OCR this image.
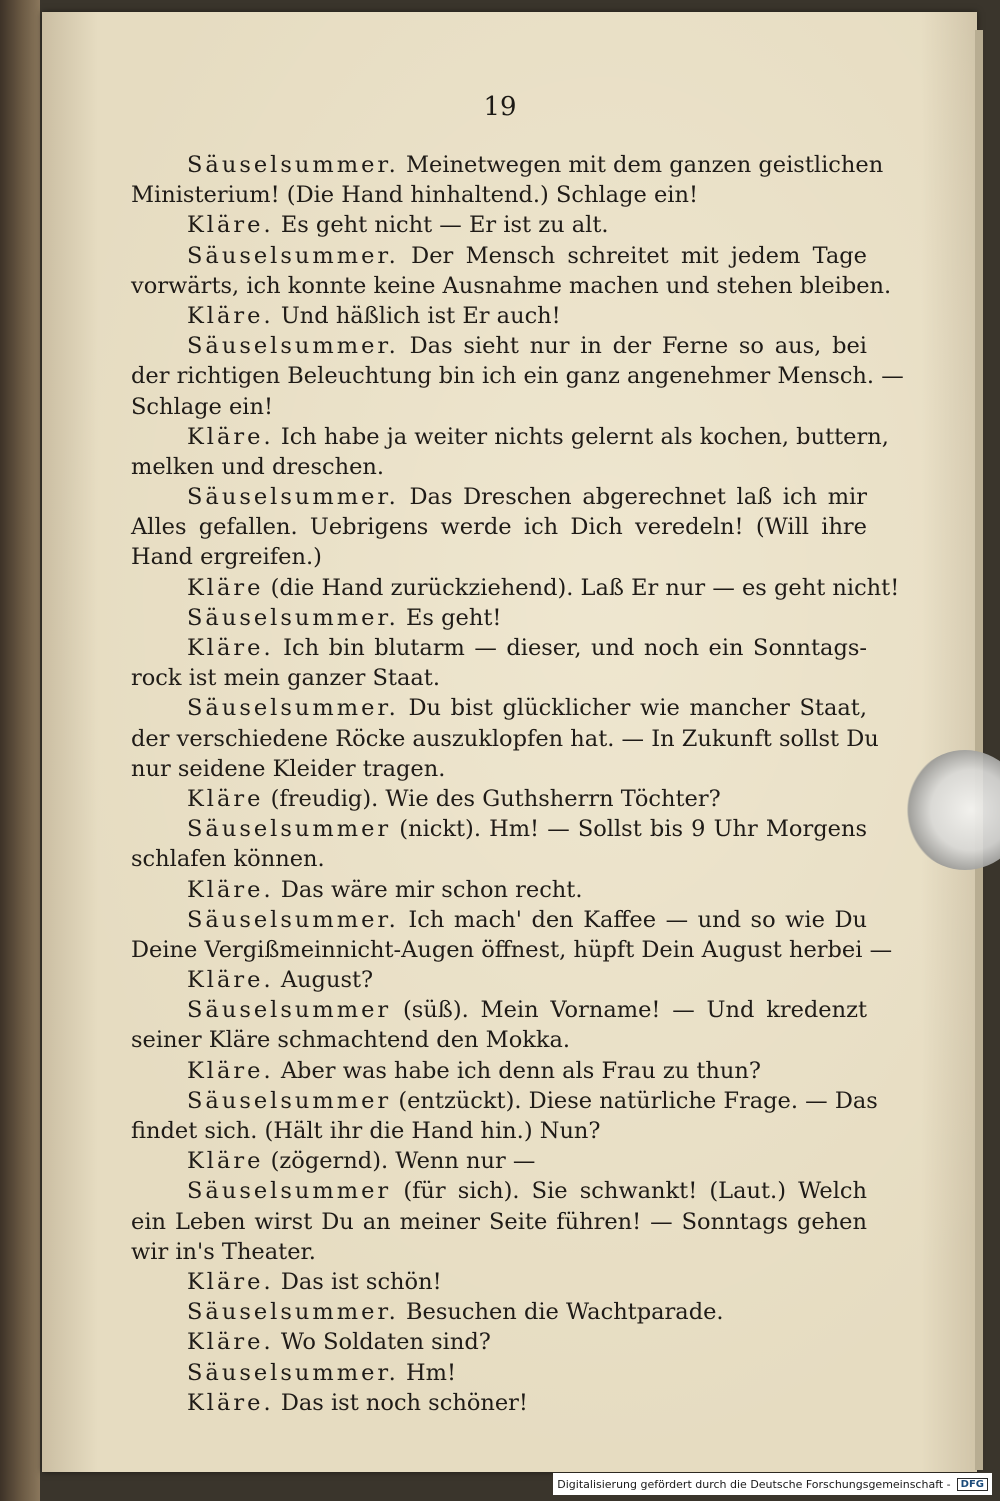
19
Säuselsummer. Meinetwegen mit dem ganzen geistlichen
Ministerium! (Die Hand hinhaltend.) Schlage ein!
Kläre. Es geht nicht — Er ist zu alt.
Säuselsummer. Der Mensch schreitet mit jedem Tage
vorwärts, ich konnte keine Ausnahme machen und stehen bleiben.
Kläre. Und häßlich ist Er auch!
Säuselsummer. Das sieht nur in der Ferne so aus, bei
der richtigen Beleuchtung bin ich ein ganz angenehmer Mensch. —
Schlage ein!
Kläre. Ich habe ja weiter nichts gelernt als kochen, buttern,
melken und dreschen.
Säuselsummer. Das Dreschen abgerechnet laß ich mir
Alles gefallen. Uebrigens werde ich Dich veredeln! (Will ihre
Hand ergreifen.)
Kläre (die Hand zurückziehend). Laß Er nur — es geht nicht!
Säuselsummer. Es geht!
Kläre. Ich bin blutarm — dieser, und noch ein Sonntags-
rock ist mein ganzer Staat.
Säuselsummer. Du bist glücklicher wie mancher Staat,
der verschiedene Röcke auszuklopfen hat. — In Zukunft sollst Du
nur seidene Kleider tragen.
Kläre (freudig). Wie des Guthsherrn Töchter?
Säuselsummer (nickt). Hm! — Sollst bis 9 Uhr Morgens
schlafen können.
Kläre. Das wäre mir schon recht.
Säuselsummer. Ich mach' den Kaffee — und so wie Du
Deine Vergißmeinnicht-Augen öffnest, hüpft Dein August herbei —
Kläre. August?
Säuselsummer (süß). Mein Vorname! — Und kredenzt
seiner Kläre schmachtend den Mokka.
Kläre. Aber was habe ich denn als Frau zu thun?
Säuselsummer (entzückt). Diese natürliche Frage. — Das
findet sich. (Hält ihr die Hand hin.) Nun?
Kläre (zögernd). Wenn nur —
Säuselsummer (für sich). Sie schwankt! (Laut.) Welch
ein Leben wirst Du an meiner Seite führen! — Sonntags gehen
wir in's Theater.
Kläre. Das ist schön!
Säuselsummer. Besuchen die Wachtparade.
Kläre. Wo Soldaten sind?
Säuselsummer. Hm!
Kläre. Das ist noch schöner!
Digitalisierung gefördert durch die Deutsche Forschungsgemeinschaft -	DFG
